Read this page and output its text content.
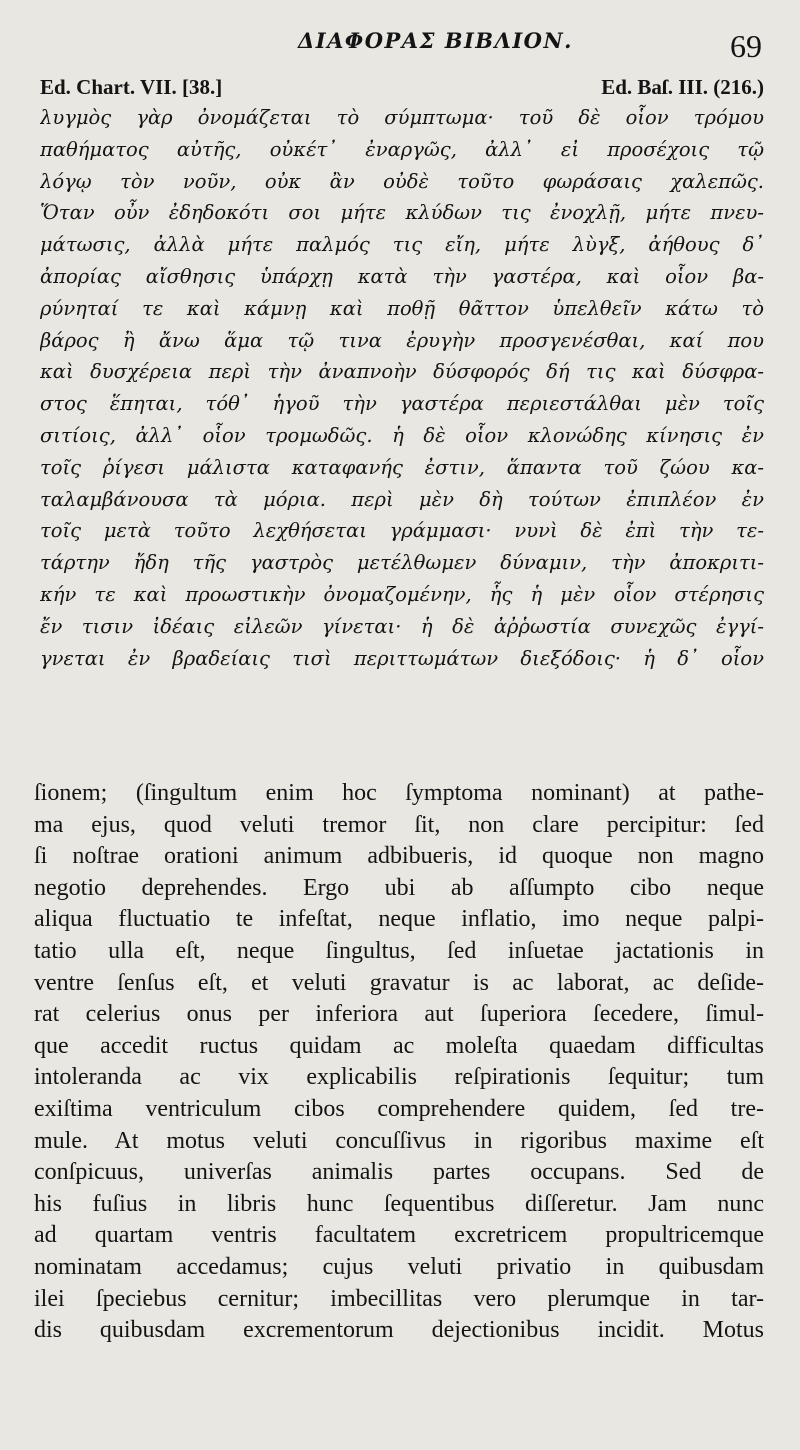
ΔΙΑΦΟΡΑΣ ΒΙΒΛΙΟΝ.	69
Ed. Chart. VII. [38.]	Ed. Baſ. III. (216.)
λυγμὸς γὰρ ὀνομάζεται τὸ σύμπτωμα· τοῦ δὲ οἷον τρόμου
παθήματος αὐτῆς, οὐκέτ᾽ ἐναργῶς, ἀλλ᾽ εἰ προσέχοις τῷ
λόγῳ τὸν νοῦν, οὐκ ἂν οὐδὲ τοῦτο φωράσαις χαλεπῶς.
Ὅταν οὖν ἐδηδοκότι σοι μήτε κλύδων τις ἐνοχλῇ, μήτε πνευ-
μάτωσις, ἀλλὰ μήτε παλμός τις εἴη, μήτε λὺγξ, ἀήθους δ᾽
ἀπορίας αἴσθησις ὑπάρχῃ κατὰ τὴν γαστέρα, καὶ οἷον βα-
ρύνηταί τε καὶ κάμνῃ καὶ ποθῇ θᾶττον ὑπελθεῖν κάτω τὸ
βάρος ἢ ἄνω ἅμα τῷ τινα ἐρυγὴν προσγενέσθαι, καί που
καὶ δυσχέρεια περὶ τὴν ἀναπνοὴν δύσφορός δή τις καὶ δύσφρα-
στος ἕπηται, τόθ᾽ ἡγοῦ τὴν γαστέρα περιεστάλθαι μὲν τοῖς
σιτίοις, ἀλλ᾽ οἷον τρομωδῶς. ἡ δὲ οἷον κλονώδης κίνησις ἐν
τοῖς ῥίγεσι μάλιστα καταφανής ἐστιν, ἅπαντα τοῦ ζώου κα-
ταλαμβάνουσα τὰ μόρια. περὶ μὲν δὴ τούτων ἐπιπλέον ἐν
τοῖς μετὰ τοῦτο λεχθήσεται γράμμασι· νυνὶ δὲ ἐπὶ τὴν τε-
τάρτην ἤδη τῆς γαστρὸς μετέλθωμεν δύναμιν, τὴν ἀποκριτι-
κήν τε καὶ προωστικὴν ὀνομαζομένην, ἧς ἡ μὲν οἷον στέρησις
ἔν τισιν ἰδέαις εἰλεῶν γίνεται· ἡ δὲ ἀῤῥωστία συνεχῶς ἐγγί-
γνεται ἐν βραδείαις τισὶ περιττωμάτων διεξόδοις· ἡ δ᾽ οἷον
ſionem; (ſingultum enim hoc ſymptoma nominant) at pathe-
ma ejus, quod veluti tremor ſit, non clare percipitur: ſed
ſi noſtrae orationi animum adbibueris, id quoque non magno
negotio deprehendes. Ergo ubi ab aſſumpto cibo neque
aliqua fluctuatio te infeſtat, neque inflatio, imo neque palpi-
tatio ulla eſt, neque ſingultus, ſed inſuetae jactationis in
ventre ſenſus eſt, et veluti gravatur is ac laborat, ac deſide-
rat celerius onus per inferiora aut ſuperiora ſecedere, ſimul-
que accedit ructus quidam ac moleſta quaedam difficultas
intoleranda ac vix explicabilis reſpirationis ſequitur; tum
exiſtima ventriculum cibos comprehendere quidem, ſed tre-
mule. At motus veluti concuſſivus in rigoribus maxime eſt
conſpicuus, univerſas animalis partes occupans. Sed de
his fuſius in libris hunc ſequentibus diſſeretur. Jam nunc
ad quartam ventris facultatem excretricem propultricemque
nominatam accedamus; cujus veluti privatio in quibusdam
ilei ſpeciebus cernitur; imbecillitas vero plerumque in tar-
dis quibusdam excrementorum dejectionibus incidit. Motus
